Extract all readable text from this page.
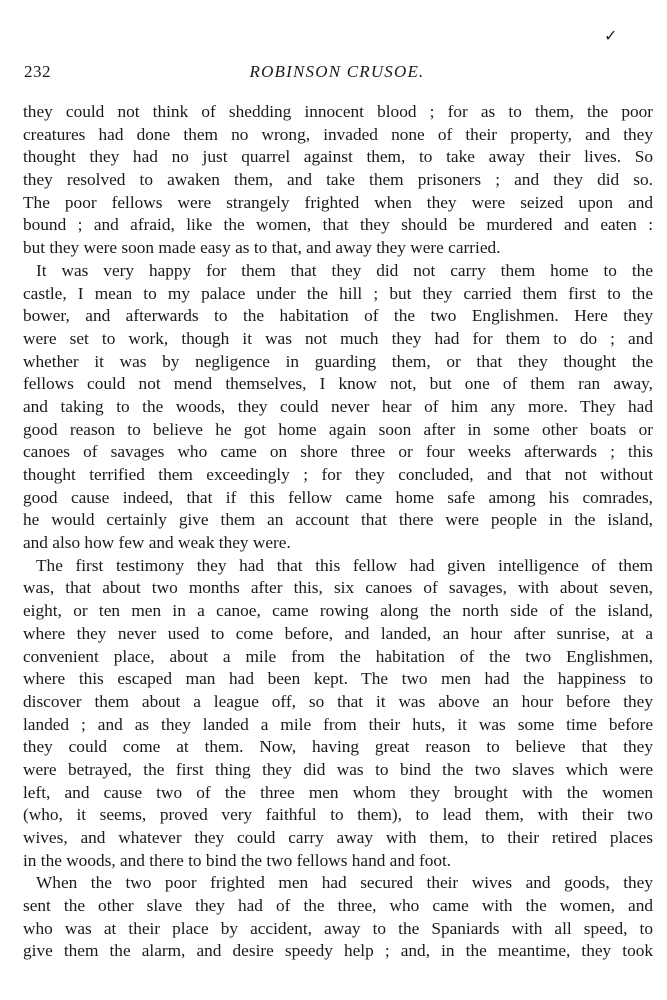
✓
232	ROBINSON CRUSOE.
they could not think of shedding innocent blood ; for as to them, the poor
creatures had done them no wrong, invaded none of their property, and they
thought they had no just quarrel against them, to take away their lives. So
they resolved to awaken them, and take them prisoners ; and they did so.
The poor fellows were strangely frighted when they were seized upon and
bound ; and afraid, like the women, that they should be murdered and eaten :
but they were soon made easy as to that, and away they were carried.
It was very happy for them that they did not carry them home to the
castle, I mean to my palace under the hill ; but they carried them first to the
bower, and afterwards to the habitation of the two Englishmen. Here they
were set to work, though it was not much they had for them to do ; and
whether it was by negligence in guarding them, or that they thought the
fellows could not mend themselves, I know not, but one of them ran away,
and taking to the woods, they could never hear of him any more. They had
good reason to believe he got home again soon after in some other boats or
canoes of savages who came on shore three or four weeks afterwards ; this
thought terrified them exceedingly ; for they concluded, and that not without
good cause indeed, that if this fellow came home safe among his comrades,
he would certainly give them an account that there were people in the island,
and also how few and weak they were.
The first testimony they had that this fellow had given intelligence of them
was, that about two months after this, six canoes of savages, with about seven,
eight, or ten men in a canoe, came rowing along the north side of the island,
where they never used to come before, and landed, an hour after sunrise, at a
convenient place, about a mile from the habitation of the two Englishmen,
where this escaped man had been kept. The two men had the happiness to
discover them about a league off, so that it was above an hour before they
landed ; and as they landed a mile from their huts, it was some time before
they could come at them. Now, having great reason to believe that they
were betrayed, the first thing they did was to bind the two slaves which were
left, and cause two of the three men whom they brought with the women
(who, it seems, proved very faithful to them), to lead them, with their two
wives, and whatever they could carry away with them, to their retired places
in the woods, and there to bind the two fellows hand and foot.
When the two poor frighted men had secured their wives and goods, they
sent the other slave they had of the three, who came with the women, and
who was at their place by accident, away to the Spaniards with all speed, to
give them the alarm, and desire speedy help ; and, in the meantime, they took
